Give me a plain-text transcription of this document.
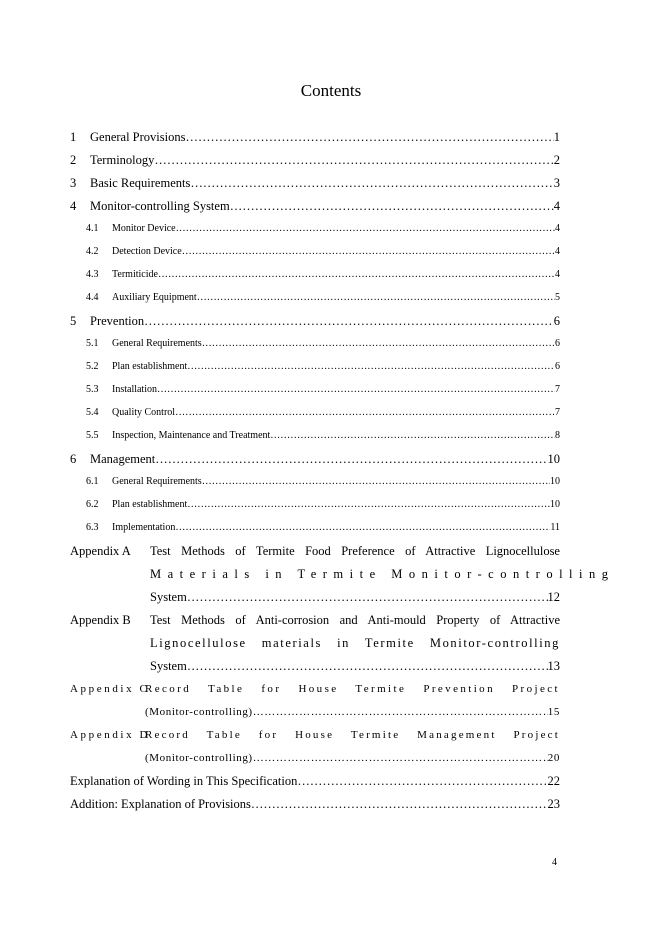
Contents
1	General Provisions …………………………………………………………………………………………………………………………………………………………………………	1
2	Terminology …………………………………………………………………………………………………………………………………………………………………………	2
3	Basic Requirements …………………………………………………………………………………………………………………………………………………………………………	3
4	Monitor-controlling System …………………………………………………………………………………………………………………………………………………………………………	4
4.1	Monitor Device …………………………………………………………………………………………………………………………………………………………………………	4
4.2	Detection Device …………………………………………………………………………………………………………………………………………………………………………	4
4.3	Termiticide …………………………………………………………………………………………………………………………………………………………………………	4
4.4	Auxiliary Equipment …………………………………………………………………………………………………………………………………………………………………………	5
5	Prevention …………………………………………………………………………………………………………………………………………………………………………	6
5.1	General Requirements …………………………………………………………………………………………………………………………………………………………………………	6
5.2	Plan establishment …………………………………………………………………………………………………………………………………………………………………………	6
5.3	Installation …………………………………………………………………………………………………………………………………………………………………………	7
5.4	Quality Control …………………………………………………………………………………………………………………………………………………………………………	7
5.5	Inspection, Maintenance and Treatment …………………………………………………………………………………………………………………………………………………………………………	8
6	Management …………………………………………………………………………………………………………………………………………………………………………	10
6.1	General Requirements …………………………………………………………………………………………………………………………………………………………………………	10
6.2	Plan establishment …………………………………………………………………………………………………………………………………………………………………………	10
6.3	Implementation …………………………………………………………………………………………………………………………………………………………………………	11
Appendix A	Test Methods of Termite Food Preference of Attractive Lignocellulose
Materials in Termite Monitor-controlling
System …………………………………………………………………………………………………………………………………………………………………………	12
Appendix B	Test Methods of Anti-corrosion and Anti-mould Property of Attractive
Lignocellulose materials in Termite Monitor-controlling
System …………………………………………………………………………………………………………………………………………………………………………	13
Appendix C
Record Table for House Termite Prevention Project
(Monitor-controlling) …………………………………………………………………………………………………………………………………………………………………………	15
Appendix D
Record Table for House Termite Management Project
(Monitor-controlling) …………………………………………………………………………………………………………………………………………………………………………	20
Explanation of Wording in This Specification …………………………………………………………………………………………………………………………………………………………………………	22
Addition: Explanation of Provisions …………………………………………………………………………………………………………………………………………………………………………	23
4
